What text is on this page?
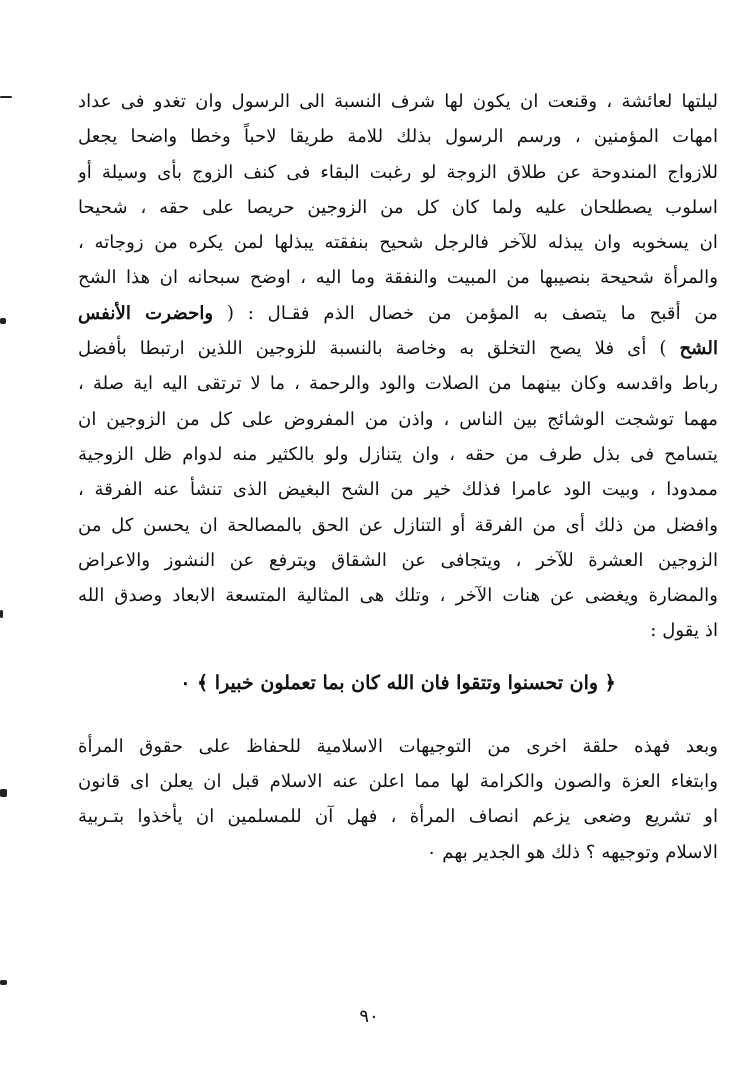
ليلتها لعائشة ، وقنعت ان يكون لها شرف النسبة الى الرسول وان تغدو فى عداد
امهات المؤمنين ، ورسم الرسول بذلك للامة طريقا لاحباً وخطا واضحا يجعل
للازواج المندوحة عن طلاق الزوجة لو رغبت البقاء فى كنف الزوج بأى وسيلة أو
اسلوب يصطلحان عليه ولما كان كل من الزوجين حريصا على حقه ، شحيحا
ان يسخوبه وان يبذله للآخر فالرجل شحيح بنفقته يبذلها لمن يكره من زوجاته ،
والمرأة شحيحة بنصيبها من المبيت والنفقة وما اليه ، اوضح سبحانه ان هذا الشح
من أقبح ما يتصف به المؤمن من خصال الذم فقـال : ( واحضرت الأنفس
الشح ) أى فلا يصح التخلق به وخاصة بالنسبة للزوجين اللذين ارتبطا بأفضل
رباط واقدسه وكان بينهما من الصلات والود والرحمة ، ما لا ترتقى اليه اية صلة ،
مهما توشجت الوشائج بين الناس ، واذن من المفروض على كل من الزوجين ان
يتسامح فى بذل طرف من حقه ، وان يتنازل ولو بالكثير منه لدوام ظل الزوجية
ممدودا ، وبيت الود عامرا فذلك خير من الشح البغيض الذى تنشأ عنه الفرقة ،
وافضل من ذلك أى من الفرقة أو التنازل عن الحق بالمصالحة ان يحسن كل من
الزوجين العشرة للآخر ، ويتجافى عن الشقاق ويترفع عن النشوز والاعراض
والمضارة ويغضى عن هنات الآخر ، وتلك هى المثالية المتسعة الابعاد وصدق الله
اذ يقول :
﴿ وان تحسنوا وتتقوا فان الله كان بما تعملون خبيرا ﴾ ٠
وبعد فهذه حلقة اخرى من التوجيهات الاسلامية للحفاظ على حقوق المرأة
وابتغاء العزة والصون والكرامة لها مما اعلن عنه الاسلام قبل ان يعلن اى قانون
او تشريع وضعى يزعم انصاف المرأة ، فهل آن للمسلمين ان يأخذوا بتـربية
الاسلام وتوجيهه ؟ ذلك هو الجدير بهم ٠
٩٠
